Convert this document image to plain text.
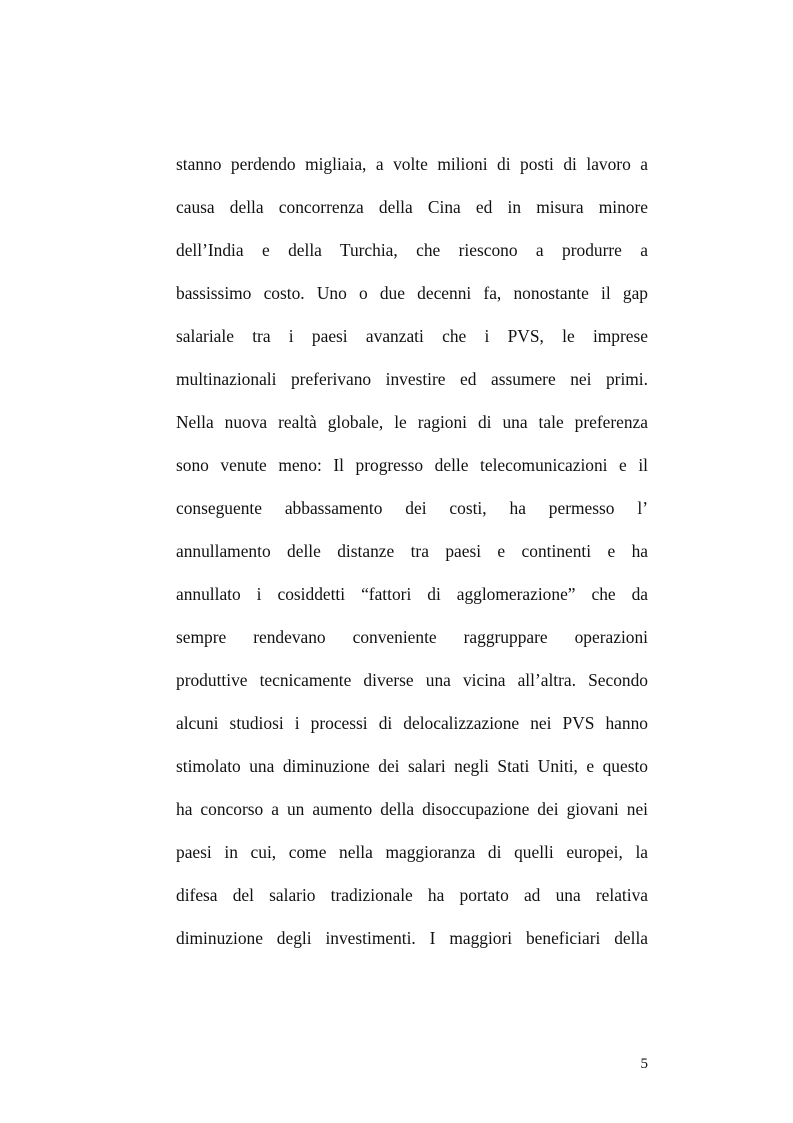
stanno perdendo migliaia, a volte milioni di posti di lavoro a
causa della concorrenza della Cina ed in misura minore
dell’India e della Turchia, che riescono a produrre a
bassissimo costo. Uno o due decenni fa, nonostante il gap
salariale tra i paesi avanzati che i PVS, le imprese
multinazionali preferivano investire ed assumere nei primi.
Nella nuova realtà globale, le ragioni di una tale preferenza
sono venute meno: Il progresso delle telecomunicazioni e il
conseguente abbassamento dei costi, ha permesso l’
annullamento delle distanze tra paesi e continenti e ha
annullato i cosiddetti “fattori di agglomerazione” che da
sempre rendevano conveniente raggruppare operazioni
produttive tecnicamente diverse una vicina all’altra. Secondo
alcuni studiosi i processi di delocalizzazione nei PVS hanno
stimolato una diminuzione dei salari negli Stati Uniti, e questo
ha concorso a un aumento della disoccupazione dei giovani nei
paesi in cui, come nella maggioranza di quelli europei, la
difesa del salario tradizionale ha portato ad una relativa
diminuzione degli investimenti. I maggiori beneficiari della
5
